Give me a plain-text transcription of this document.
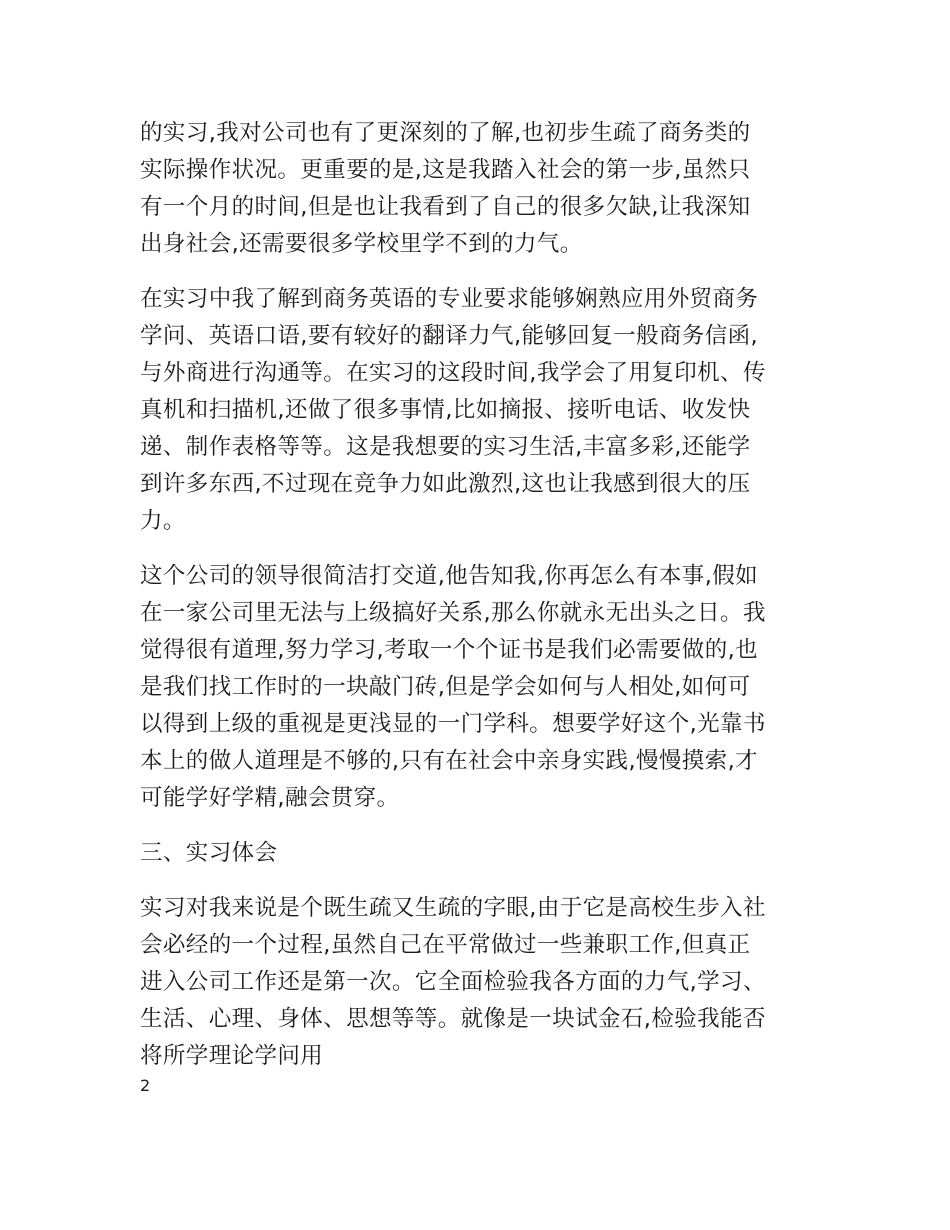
的实习,我对公司也有了更深刻的了解,也初步生疏了商务类的
实际操作状况。更重要的是,这是我踏入社会的第一步,虽然只
有一个月的时间,但是也让我看到了自己的很多欠缺,让我深知
出身社会,还需要很多学校里学不到的力气。

在实习中我了解到商务英语的专业要求能够娴熟应用外贸商务
学问、英语口语,要有较好的翻译力气,能够回复一般商务信函,
与外商进行沟通等。在实习的这段时间,我学会了用复印机、传
真机和扫描机,还做了很多事情,比如摘报、接听电话、收发快
递、制作表格等等。这是我想要的实习生活,丰富多彩,还能学
到许多东西,不过现在竞争力如此激烈,这也让我感到很大的压
力。

这个公司的领导很简洁打交道,他告知我,你再怎么有本事,假如
在一家公司里无法与上级搞好关系,那么你就永无出头之日。我
觉得很有道理,努力学习,考取一个个证书是我们必需要做的,也
是我们找工作时的一块敲门砖,但是学会如何与人相处,如何可
以得到上级的重视是更浅显的一门学科。想要学好这个,光靠书
本上的做人道理是不够的,只有在社会中亲身实践,慢慢摸索,才
可能学好学精,融会贯穿。

三、实习体会

实习对我来说是个既生疏又生疏的字眼,由于它是高校生步入社
会必经的一个过程,虽然自己在平常做过一些兼职工作,但真正
进入公司工作还是第一次。它全面检验我各方面的力气,学习、
生活、心理、身体、思想等等。就像是一块试金石,检验我能否
将所学理论学问用

2
